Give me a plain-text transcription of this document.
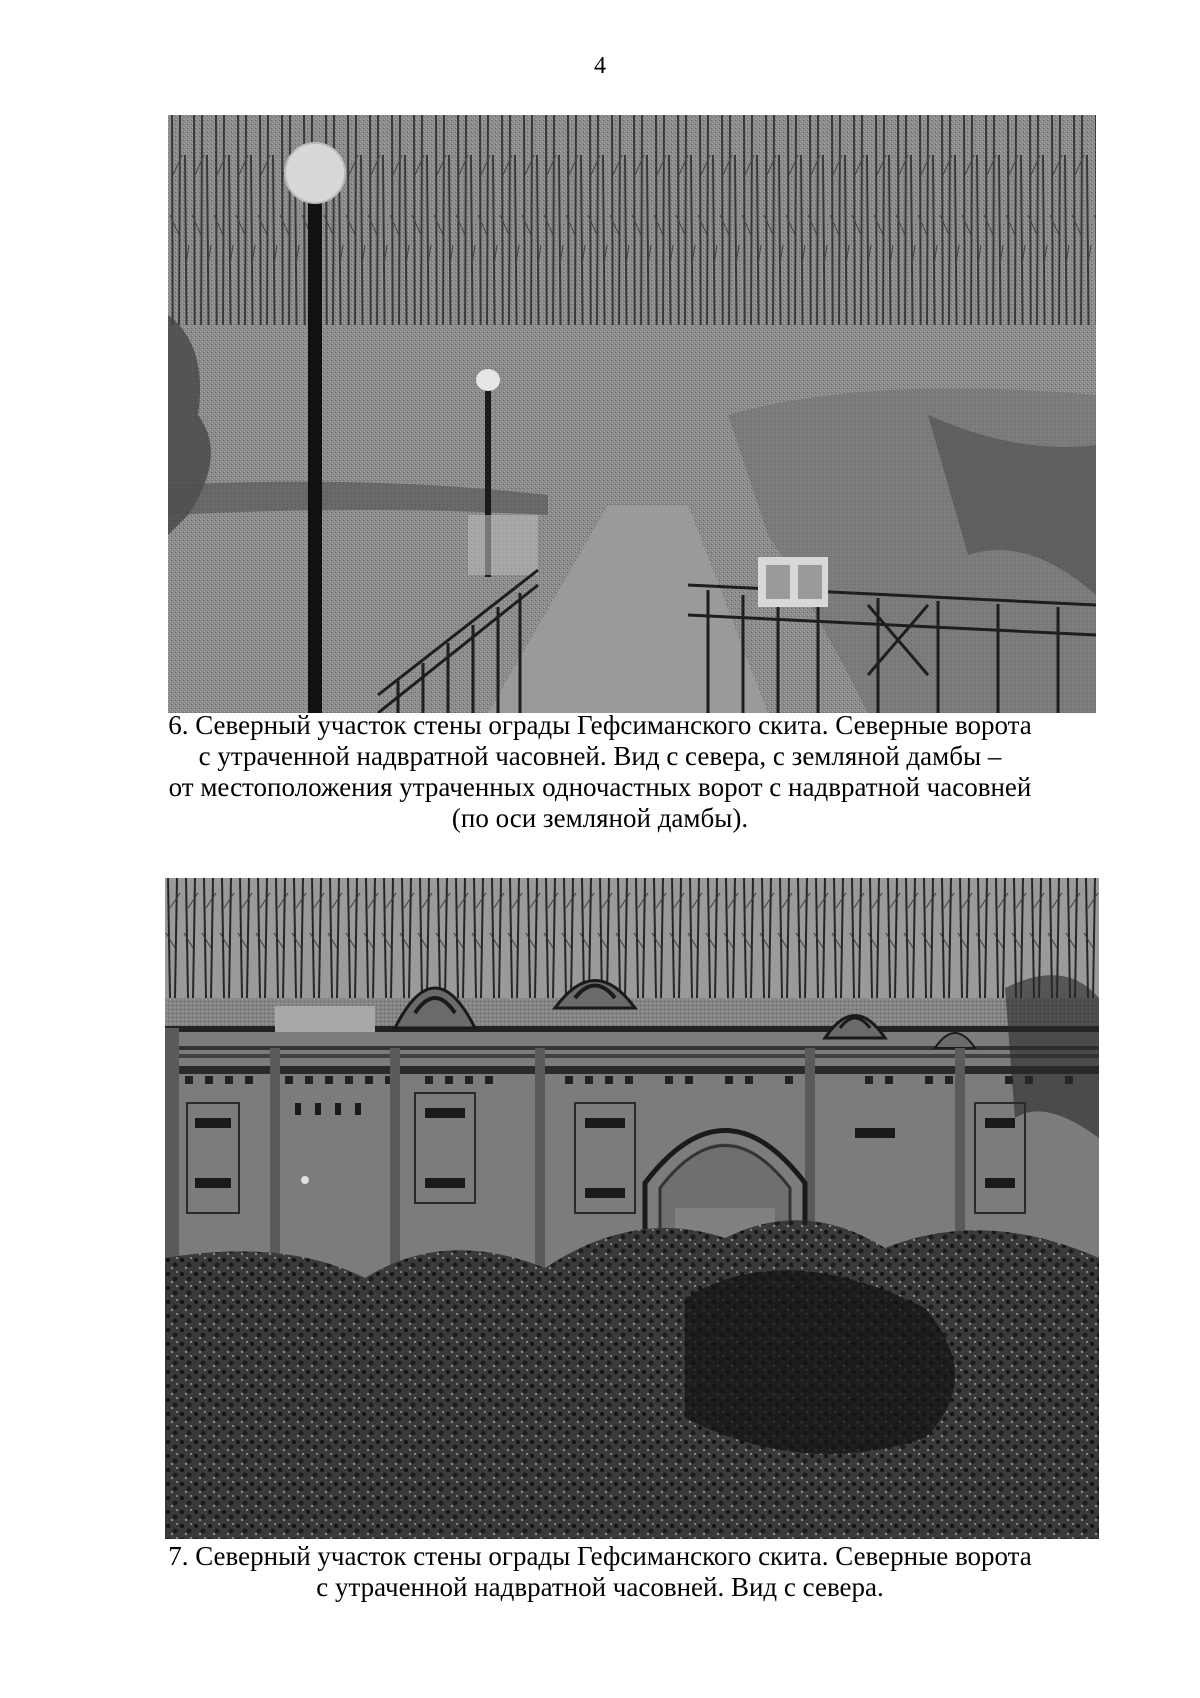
4
6. Северный участок стены ограды Гефсиманского скита. Северные ворота
с утраченной надвратной часовней. Вид с севера, с земляной дамбы –
от местоположения утраченных одночастных ворот с надвратной часовней
(по оси земляной дамбы).
7. Северный участок стены ограды Гефсиманского скита. Северные ворота
с утраченной надвратной часовней. Вид с севера.
